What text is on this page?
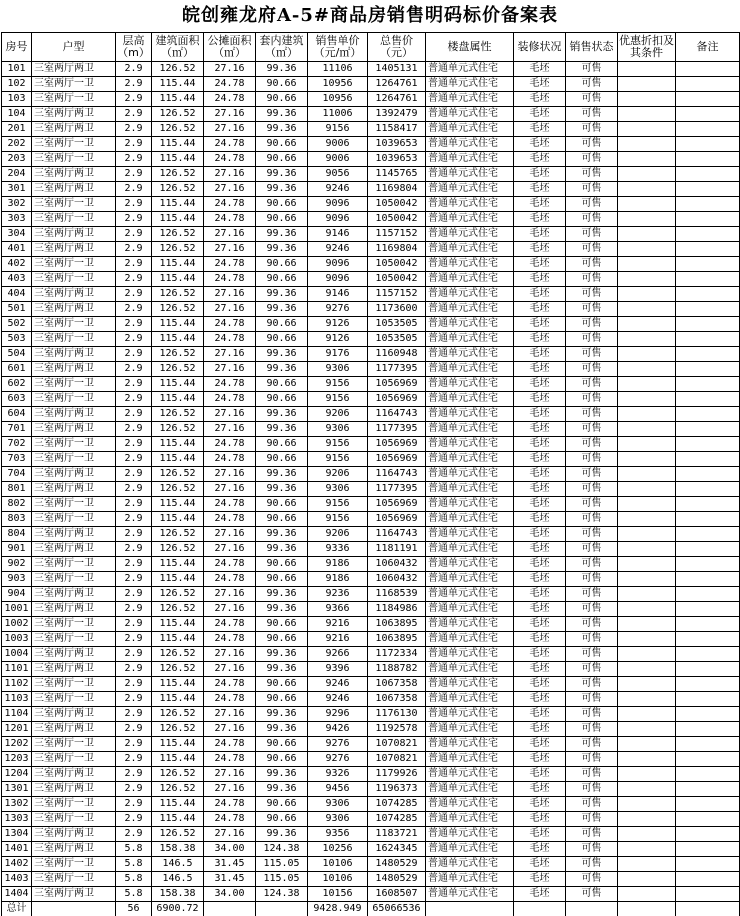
皖创雍龙府A-5#商品房销售明码标价备案表
房号	户型	层高（m）	建筑面积（㎡）	公摊面积（㎡）	套内建筑（㎡）	销售单价（元/㎡）	总售价（元）	楼盘属性	装修状况	销售状态	优惠折扣及其条件	备注
101	三室两厅两卫	2.9	126.52	27.16	99.36	11106	1405131	普通单元式住宅	毛坯	可售		
102	三室两厅一卫	2.9	115.44	24.78	90.66	10956	1264761	普通单元式住宅	毛坯	可售		
103	三室两厅一卫	2.9	115.44	24.78	90.66	10956	1264761	普通单元式住宅	毛坯	可售		
104	三室两厅两卫	2.9	126.52	27.16	99.36	11006	1392479	普通单元式住宅	毛坯	可售		
201	三室两厅两卫	2.9	126.52	27.16	99.36	9156	1158417	普通单元式住宅	毛坯	可售		
202	三室两厅一卫	2.9	115.44	24.78	90.66	9006	1039653	普通单元式住宅	毛坯	可售		
203	三室两厅一卫	2.9	115.44	24.78	90.66	9006	1039653	普通单元式住宅	毛坯	可售		
204	三室两厅两卫	2.9	126.52	27.16	99.36	9056	1145765	普通单元式住宅	毛坯	可售		
301	三室两厅两卫	2.9	126.52	27.16	99.36	9246	1169804	普通单元式住宅	毛坯	可售		
302	三室两厅一卫	2.9	115.44	24.78	90.66	9096	1050042	普通单元式住宅	毛坯	可售		
303	三室两厅一卫	2.9	115.44	24.78	90.66	9096	1050042	普通单元式住宅	毛坯	可售		
304	三室两厅两卫	2.9	126.52	27.16	99.36	9146	1157152	普通单元式住宅	毛坯	可售		
401	三室两厅两卫	2.9	126.52	27.16	99.36	9246	1169804	普通单元式住宅	毛坯	可售		
402	三室两厅一卫	2.9	115.44	24.78	90.66	9096	1050042	普通单元式住宅	毛坯	可售		
403	三室两厅一卫	2.9	115.44	24.78	90.66	9096	1050042	普通单元式住宅	毛坯	可售		
404	三室两厅两卫	2.9	126.52	27.16	99.36	9146	1157152	普通单元式住宅	毛坯	可售		
501	三室两厅两卫	2.9	126.52	27.16	99.36	9276	1173600	普通单元式住宅	毛坯	可售		
502	三室两厅一卫	2.9	115.44	24.78	90.66	9126	1053505	普通单元式住宅	毛坯	可售		
503	三室两厅一卫	2.9	115.44	24.78	90.66	9126	1053505	普通单元式住宅	毛坯	可售		
504	三室两厅两卫	2.9	126.52	27.16	99.36	9176	1160948	普通单元式住宅	毛坯	可售		
601	三室两厅两卫	2.9	126.52	27.16	99.36	9306	1177395	普通单元式住宅	毛坯	可售		
602	三室两厅一卫	2.9	115.44	24.78	90.66	9156	1056969	普通单元式住宅	毛坯	可售		
603	三室两厅一卫	2.9	115.44	24.78	90.66	9156	1056969	普通单元式住宅	毛坯	可售		
604	三室两厅两卫	2.9	126.52	27.16	99.36	9206	1164743	普通单元式住宅	毛坯	可售		
701	三室两厅两卫	2.9	126.52	27.16	99.36	9306	1177395	普通单元式住宅	毛坯	可售		
702	三室两厅一卫	2.9	115.44	24.78	90.66	9156	1056969	普通单元式住宅	毛坯	可售		
703	三室两厅一卫	2.9	115.44	24.78	90.66	9156	1056969	普通单元式住宅	毛坯	可售		
704	三室两厅两卫	2.9	126.52	27.16	99.36	9206	1164743	普通单元式住宅	毛坯	可售		
801	三室两厅两卫	2.9	126.52	27.16	99.36	9306	1177395	普通单元式住宅	毛坯	可售		
802	三室两厅一卫	2.9	115.44	24.78	90.66	9156	1056969	普通单元式住宅	毛坯	可售		
803	三室两厅一卫	2.9	115.44	24.78	90.66	9156	1056969	普通单元式住宅	毛坯	可售		
804	三室两厅两卫	2.9	126.52	27.16	99.36	9206	1164743	普通单元式住宅	毛坯	可售		
901	三室两厅两卫	2.9	126.52	27.16	99.36	9336	1181191	普通单元式住宅	毛坯	可售		
902	三室两厅一卫	2.9	115.44	24.78	90.66	9186	1060432	普通单元式住宅	毛坯	可售		
903	三室两厅一卫	2.9	115.44	24.78	90.66	9186	1060432	普通单元式住宅	毛坯	可售		
904	三室两厅两卫	2.9	126.52	27.16	99.36	9236	1168539	普通单元式住宅	毛坯	可售		
1001	三室两厅两卫	2.9	126.52	27.16	99.36	9366	1184986	普通单元式住宅	毛坯	可售		
1002	三室两厅一卫	2.9	115.44	24.78	90.66	9216	1063895	普通单元式住宅	毛坯	可售		
1003	三室两厅一卫	2.9	115.44	24.78	90.66	9216	1063895	普通单元式住宅	毛坯	可售		
1004	三室两厅两卫	2.9	126.52	27.16	99.36	9266	1172334	普通单元式住宅	毛坯	可售		
1101	三室两厅两卫	2.9	126.52	27.16	99.36	9396	1188782	普通单元式住宅	毛坯	可售		
1102	三室两厅一卫	2.9	115.44	24.78	90.66	9246	1067358	普通单元式住宅	毛坯	可售		
1103	三室两厅一卫	2.9	115.44	24.78	90.66	9246	1067358	普通单元式住宅	毛坯	可售		
1104	三室两厅两卫	2.9	126.52	27.16	99.36	9296	1176130	普通单元式住宅	毛坯	可售		
1201	三室两厅两卫	2.9	126.52	27.16	99.36	9426	1192578	普通单元式住宅	毛坯	可售		
1202	三室两厅一卫	2.9	115.44	24.78	90.66	9276	1070821	普通单元式住宅	毛坯	可售		
1203	三室两厅一卫	2.9	115.44	24.78	90.66	9276	1070821	普通单元式住宅	毛坯	可售		
1204	三室两厅两卫	2.9	126.52	27.16	99.36	9326	1179926	普通单元式住宅	毛坯	可售		
1301	三室两厅两卫	2.9	126.52	27.16	99.36	9456	1196373	普通单元式住宅	毛坯	可售		
1302	三室两厅一卫	2.9	115.44	24.78	90.66	9306	1074285	普通单元式住宅	毛坯	可售		
1303	三室两厅一卫	2.9	115.44	24.78	90.66	9306	1074285	普通单元式住宅	毛坯	可售		
1304	三室两厅两卫	2.9	126.52	27.16	99.36	9356	1183721	普通单元式住宅	毛坯	可售		
1401	三室两厅两卫	5.8	158.38	34.00	124.38	10256	1624345	普通单元式住宅	毛坯	可售		
1402	三室两厅一卫	5.8	146.5	31.45	115.05	10106	1480529	普通单元式住宅	毛坯	可售		
1403	三室两厅一卫	5.8	146.5	31.45	115.05	10106	1480529	普通单元式住宅	毛坯	可售		
1404	三室两厅两卫	5.8	158.38	34.00	124.38	10156	1608507	普通单元式住宅	毛坯	可售		
总计		56	6900.72			9428.949	65066536					
